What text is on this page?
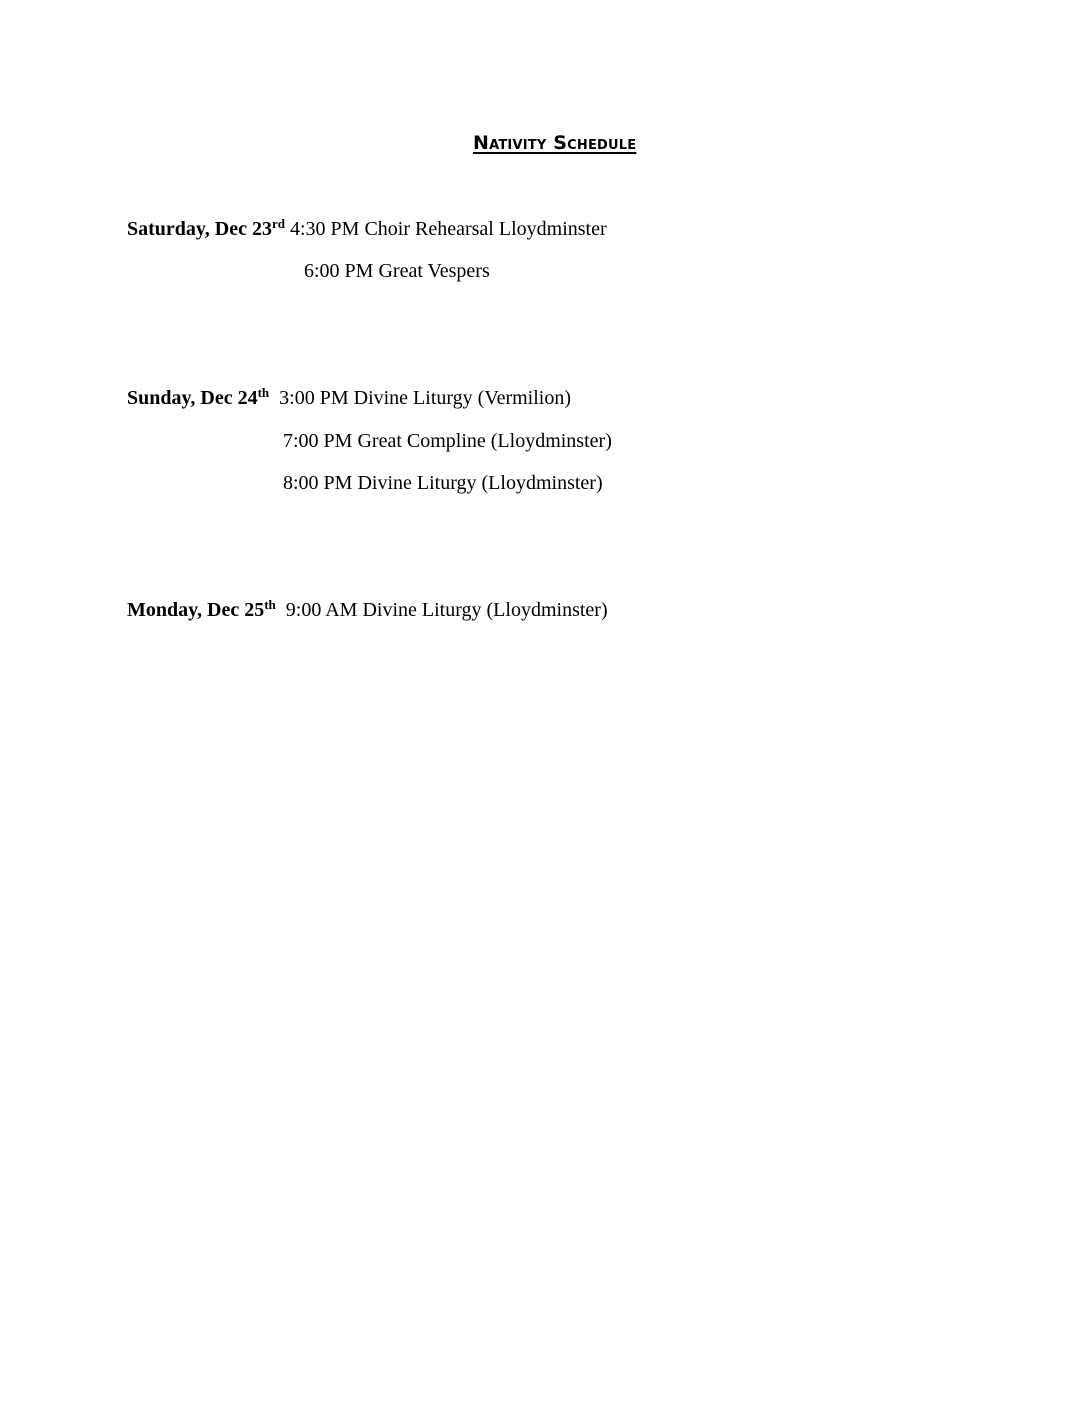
Nativity Schedule
Saturday, Dec 23rd 4:30 PM Choir Rehearsal Lloydminster
6:00 PM Great Vespers
Sunday, Dec 24th 3:00 PM Divine Liturgy (Vermilion)
7:00 PM Great Compline (Lloydminster)
8:00 PM Divine Liturgy (Lloydminster)
Monday, Dec 25th 9:00 AM Divine Liturgy (Lloydminster)
